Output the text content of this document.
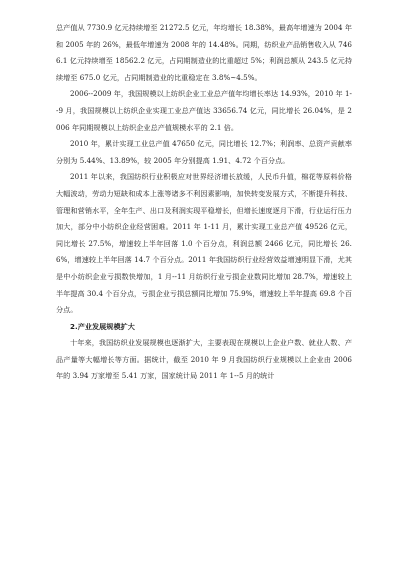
总产值从 7730.9 亿元持续增至 21272.5 亿元，年均增长 18.38%，最高年增速为 2004 年和 2005 年的 26%，最低年增速为 2008 年的 14.48%。同期，纺织业产品销售收入从 7466.1 亿元持续增至 18562.2 亿元，占同期制造业的比重超过 5%；利润总额从 243.5 亿元持续增至 675.0 亿元，占同期制造业的比重稳定在 3.8%~4.5%。

2006--2009 年，我国规模以上纺织企业工业总产值年均增长率达 14.93%，2010 年 1--9 月，我国规模以上纺织企业实现工业总产值达 33656.74 亿元，同比增长 26.04%，是 2006 年同期规模以上纺织企业总产值规模水平的 2.1 倍。

2010 年，累计实现工业总产值 47650 亿元，同比增长 12.7%；利润率、总资产贡献率分别为 5.44%、13.89%，较 2005 年分别提高 1.91、4.72 个百分点。

2011 年以来，我国纺织行业积极应对世界经济增长放缓，人民币升值，棉花等原料价格大幅波动，劳动力短缺和成本上涨等诸多不利因素影响，加快转变发展方式，不断提升科技、管理和营销水平，全年生产、出口及利润实现平稳增长，但增长速度逐月下滑，行业运行压力加大，部分中小纺织企业经营困难。2011 年 1-11 月，累计实现工业总产值 49526 亿元，同比增长 27.5%，增速较上半年回落 1.0 个百分点，利润总额 2466 亿元，同比增长 26.6%，增速较上半年回落 14.7 个百分点。2011 年我国纺织行业经营效益增速明显下滑，尤其是中小纺织企业亏损数快增加，1 月--11 月纺织行业亏损企业数同比增加 28.7%，增速较上半年提高 30.4 个百分点，亏损企业亏损总额同比增加 75.9%，增速较上半年提高 69.8 个百分点。

2.产业发展规模扩大

十年来，我国纺织业发展规模也逐渐扩大，主要表现在规模以上企业户数、就业人数、产品产量等大幅增长等方面。据统计，截至 2010 年 9 月我国纺织行业规模以上企业由 2006 年的 3.94 万家增至 5.41 万家，国家统计局 2011 年 1--5 月的统计
